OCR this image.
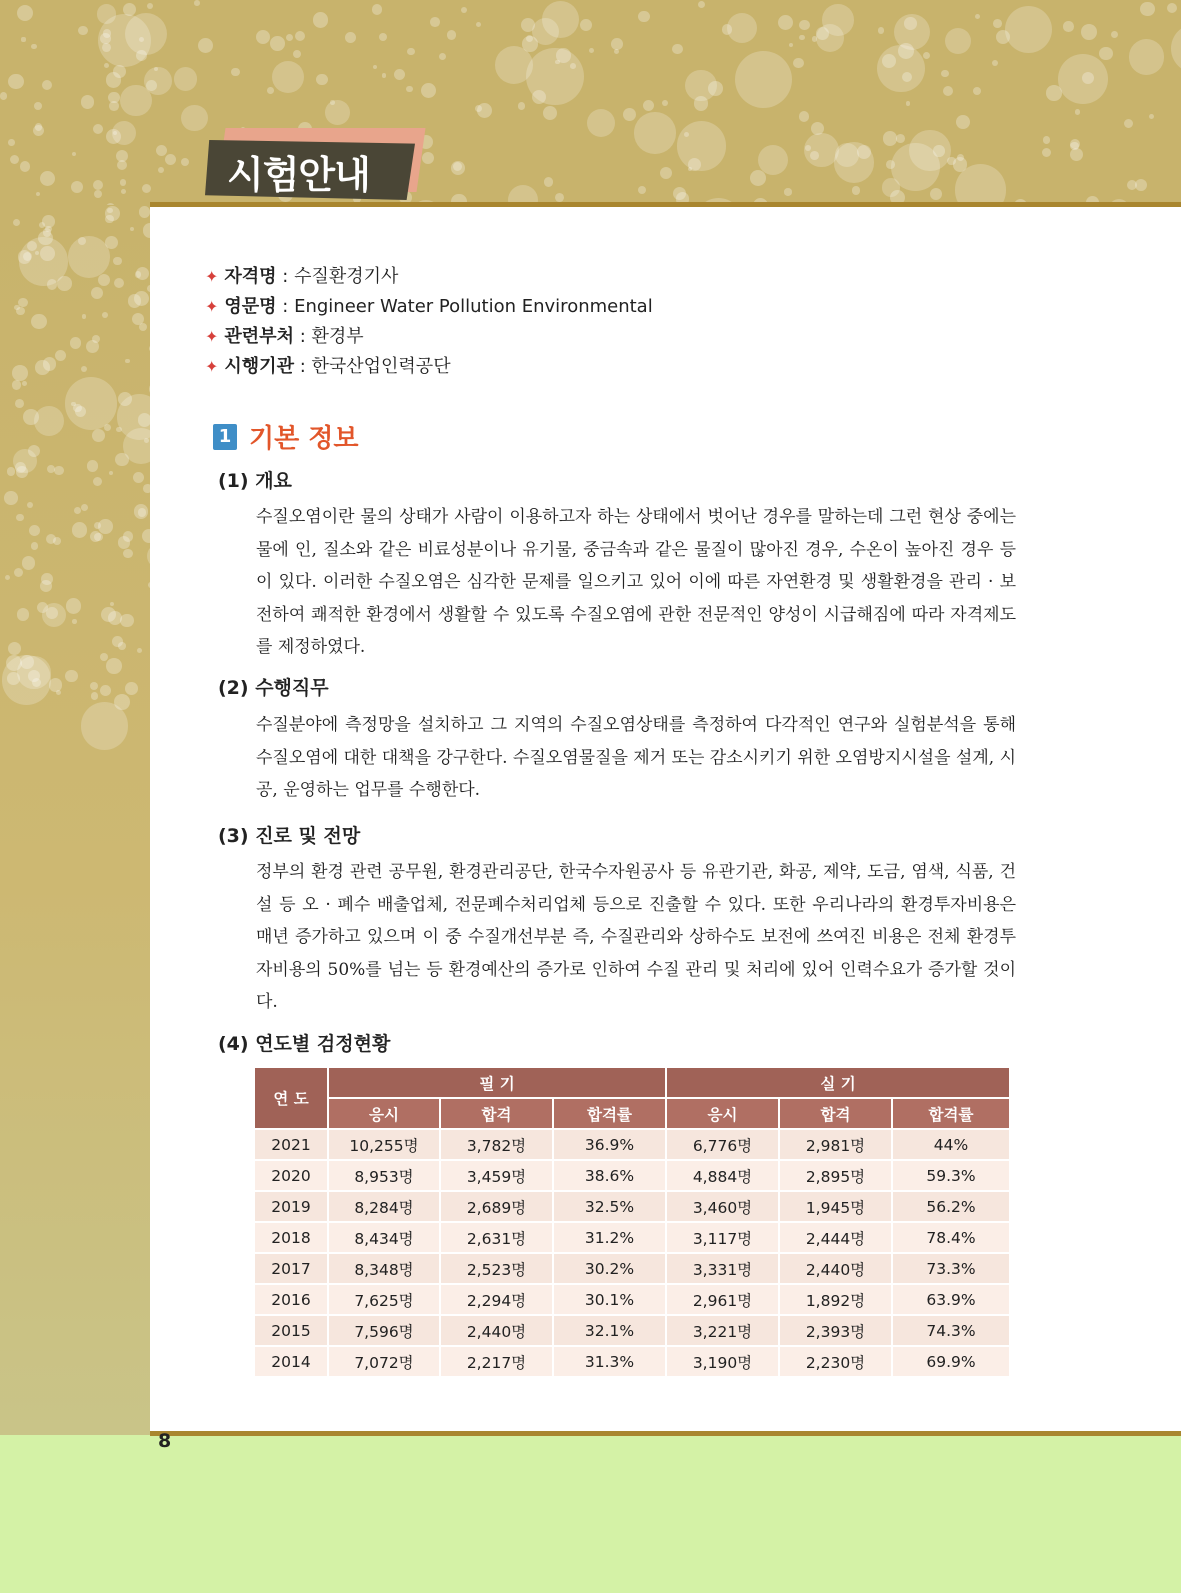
시험안내
✦ 자격명 : 수질환경기사
✦ 영문명 : Engineer Water Pollution Environmental
✦ 관련부처 : 환경부
✦ 시행기관 : 한국산업인력공단
1 기본 정보
(1) 개요

수질오염이란 물의 상태가 사람이 이용하고자 하는 상태에서 벗어난 경우를 말하는데 그런 현상 중에는 물에 인, 질소와 같은 비료성분이나 유기물, 중금속과 같은 물질이 많아진 경우, 수온이 높아진 경우 등이 있다. 이러한 수질오염은 심각한 문제를 일으키고 있어 이에 따른 자연환경 및 생활환경을 관리 · 보전하여 쾌적한 환경에서 생활할 수 있도록 수질오염에 관한 전문적인 양성이 시급해짐에 따라 자격제도를 제정하였다.

(2) 수행직무

수질분야에 측정망을 설치하고 그 지역의 수질오염상태를 측정하여 다각적인 연구와 실험분석을 통해 수질오염에 대한 대책을 강구한다. 수질오염물질을 제거 또는 감소시키기 위한 오염방지시설을 설계, 시공, 운영하는 업무를 수행한다.

(3) 진로 및 전망

정부의 환경 관련 공무원, 환경관리공단, 한국수자원공사 등 유관기관, 화공, 제약, 도금, 염색, 식품, 건설 등 오 · 폐수 배출업체, 전문폐수처리업체 등으로 진출할 수 있다. 또한 우리나라의 환경투자비용은 매년 증가하고 있으며 이 중 수질개선부분 즉, 수질관리와 상하수도 보전에 쓰여진 비용은 전체 환경투자비용의 50%를 넘는 등 환경예산의 증가로 인하여 수질 관리 및 처리에 있어 인력수요가 증가할 것이다.

(4) 연도별 검정현황
연 도	필 기			실 기		
	응시	합격	합격률	응시	합격	합격률
2021	10,255명	3,782명	36.9%	6,776명	2,981명	44%
2020	8,953명	3,459명	38.6%	4,884명	2,895명	59.3%
2019	8,284명	2,689명	32.5%	3,460명	1,945명	56.2%
2018	8,434명	2,631명	31.2%	3,117명	2,444명	78.4%
2017	8,348명	2,523명	30.2%	3,331명	2,440명	73.3%
2016	7,625명	2,294명	30.1%	2,961명	1,892명	63.9%
2015	7,596명	2,440명	32.1%	3,221명	2,393명	74.3%
2014	7,072명	2,217명	31.3%	3,190명	2,230명	69.9%
8
